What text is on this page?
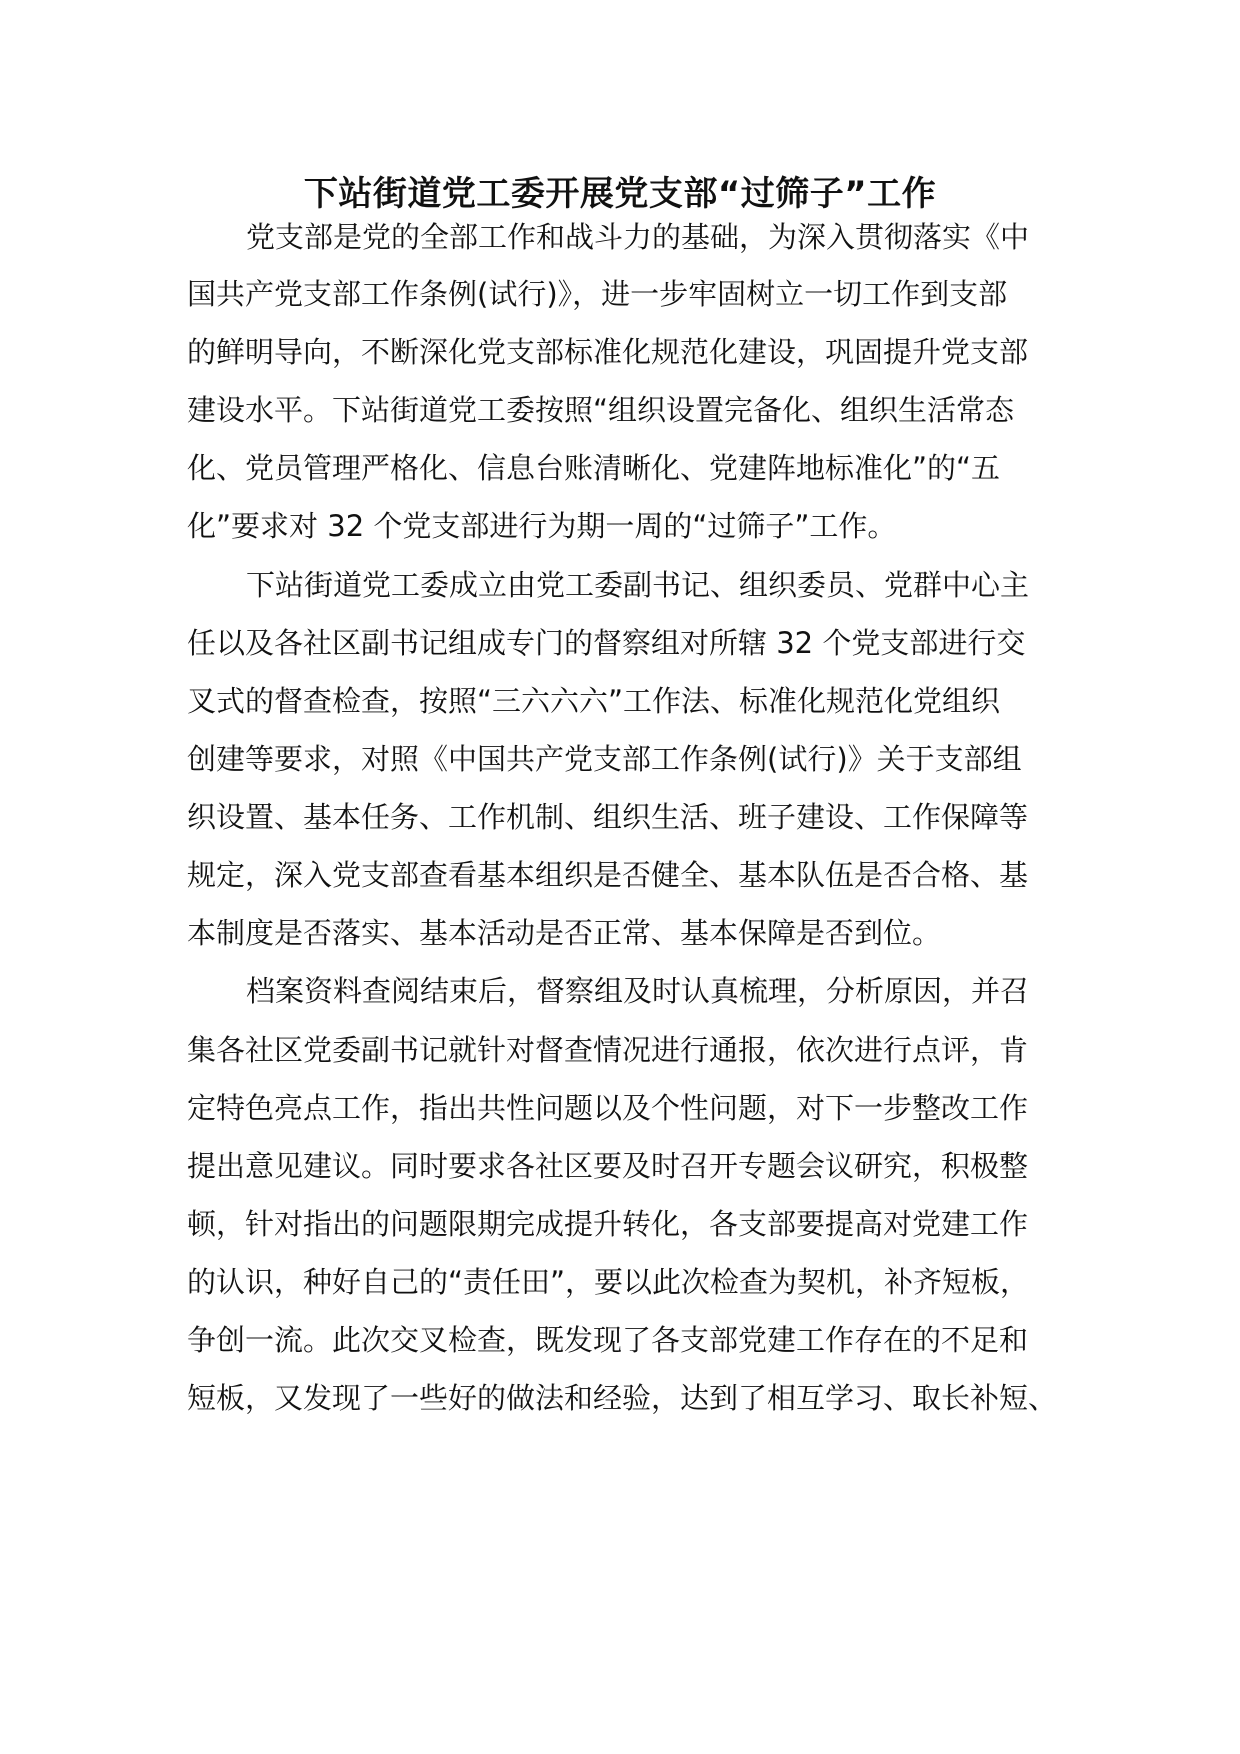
下站街道党工委开展党支部“过筛子”工作
党支部是党的全部工作和战斗力的基础，为深入贯彻落实《中
国共产党支部工作条例(试行)》，进一步牢固树立一切工作到支部
的鲜明导向，不断深化党支部标准化规范化建设，巩固提升党支部
建设水平。下站街道党工委按照“组织设置完备化、组织生活常态
化、党员管理严格化、信息台账清晰化、党建阵地标准化”的“五
化”要求对 32 个党支部进行为期一周的“过筛子”工作。
下站街道党工委成立由党工委副书记、组织委员、党群中心主
任以及各社区副书记组成专门的督察组对所辖 32 个党支部进行交
叉式的督查检查，按照“三六六六”工作法、标准化规范化党组织
创建等要求，对照《中国共产党支部工作条例(试行)》关于支部组
织设置、基本任务、工作机制、组织生活、班子建设、工作保障等
规定，深入党支部查看基本组织是否健全、基本队伍是否合格、基
本制度是否落实、基本活动是否正常、基本保障是否到位。
档案资料查阅结束后，督察组及时认真梳理，分析原因，并召
集各社区党委副书记就针对督查情况进行通报，依次进行点评，肯
定特色亮点工作，指出共性问题以及个性问题，对下一步整改工作
提出意见建议。同时要求各社区要及时召开专题会议研究，积极整
顿，针对指出的问题限期完成提升转化，各支部要提高对党建工作
的认识，种好自己的“责任田”，要以此次检查为契机，补齐短板，
争创一流。此次交叉检查，既发现了各支部党建工作存在的不足和
短板，又发现了一些好的做法和经验，达到了相互学习、取长补短、
